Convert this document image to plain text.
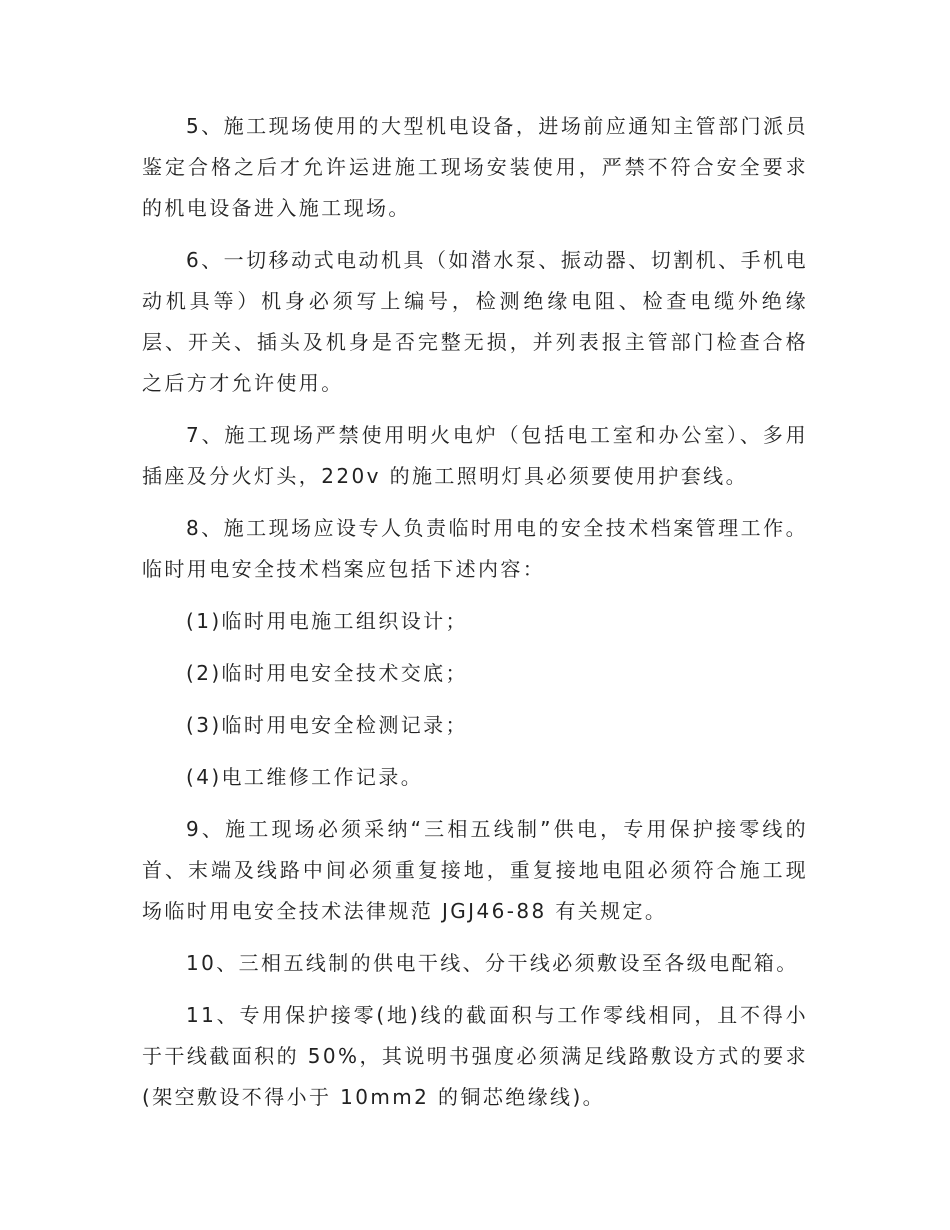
5、施工现场使用的大型机电设备，进场前应通知主管部门派员鉴定合格之后才允许运进施工现场安装使用，严禁不符合安全要求的机电设备进入施工现场。

6、一切移动式电动机具（如潜水泵、振动器、切割机、手机电动机具等）机身必须写上编号，检测绝缘电阻、检查电缆外绝缘层、开关、插头及机身是否完整无损，并列表报主管部门检查合格之后方才允许使用。

7、施工现场严禁使用明火电炉（包括电工室和办公室）、多用插座及分火灯头，220v 的施工照明灯具必须要使用护套线。

8、施工现场应设专人负责临时用电的安全技术档案管理工作。临时用电安全技术档案应包括下述内容：

(1)临时用电施工组织设计；

(2)临时用电安全技术交底；

(3)临时用电安全检测记录；

(4)电工维修工作记录。

9、施工现场必须采纳“三相五线制”供电，专用保护接零线的首、末端及线路中间必须重复接地，重复接地电阻必须符合施工现场临时用电安全技术法律规范 JGJ46-88 有关规定。

10、三相五线制的供电干线、分干线必须敷设至各级电配箱。

11、专用保护接零(地)线的截面积与工作零线相同，且不得小于干线截面积的 50%，其说明书强度必须满足线路敷设方式的要求(架空敷设不得小于 10mm2 的铜芯绝缘线)。
